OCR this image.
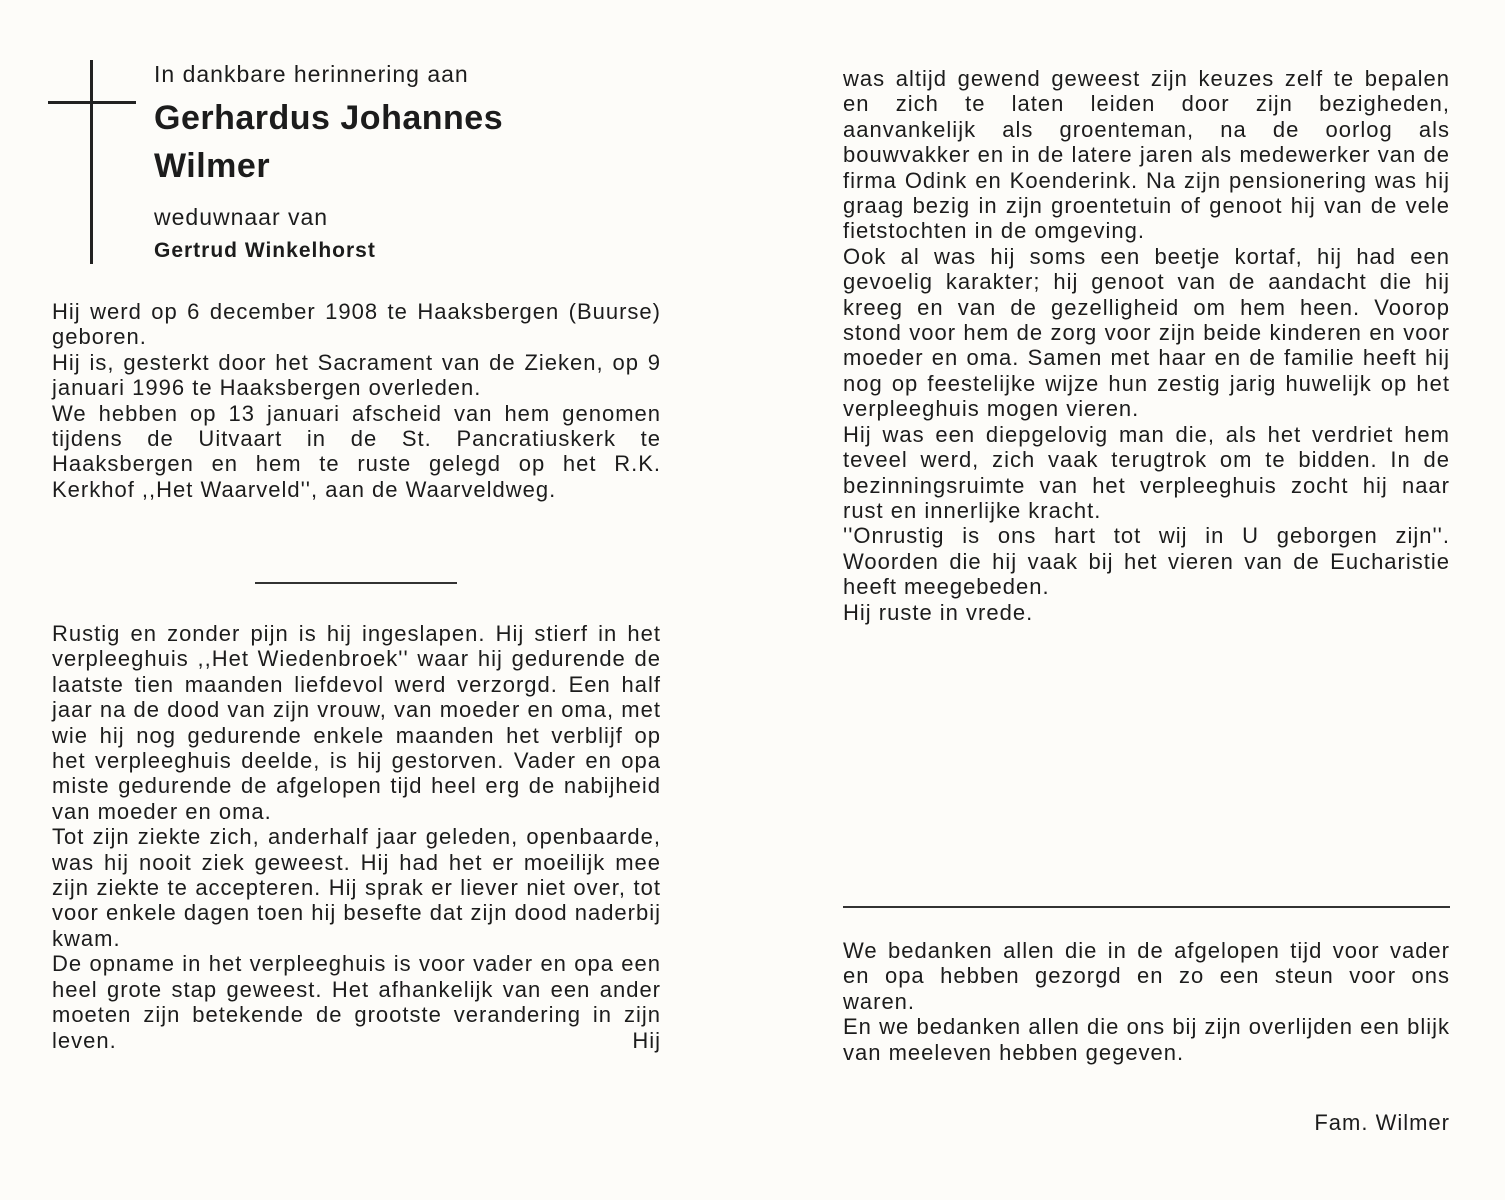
In dankbare herinnering aan
Gerhardus Johannes
Wilmer
weduwnaar van
Gertrud Winkelhorst

Hij werd op 6 december 1908 te Haaksbergen (Buurse) geboren.

Hij is, gesterkt door het Sacrament van de Zieken, op 9 januari 1996 te Haaksbergen overleden.

We hebben op 13 januari afscheid van hem genomen tijdens de Uitvaart in de St. Pancratiuskerk te Haaksbergen en hem te ruste gelegd op het R.K. Kerkhof ,,Het Waarveld'', aan de Waarveldweg.

Rustig en zonder pijn is hij ingeslapen. Hij stierf in het verpleeghuis ,,Het Wiedenbroek'' waar hij gedurende de laatste tien maanden liefdevol werd verzorgd. Een half jaar na de dood van zijn vrouw, van moeder en oma, met wie hij nog gedurende enkele maanden het verblijf op het verpleeghuis deelde, is hij gestorven. Vader en opa miste gedurende de afgelopen tijd heel erg de nabijheid van moeder en oma.

Tot zijn ziekte zich, anderhalf jaar geleden, openbaarde, was hij nooit ziek geweest. Hij had het er moeilijk mee zijn ziekte te accepteren. Hij sprak er liever niet over, tot voor enkele dagen toen hij besefte dat zijn dood naderbij kwam.

De opname in het verpleeghuis is voor vader en opa een heel grote stap geweest. Het afhankelijk van een ander moeten zijn betekende de grootste verandering in zijn leven. Hij

was altijd gewend geweest zijn keuzes zelf te bepalen en zich te laten leiden door zijn bezigheden, aanvankelijk als groenteman, na de oorlog als bouwvakker en in de latere jaren als medewerker van de firma Odink en Koenderink. Na zijn pensionering was hij graag bezig in zijn groentetuin of genoot hij van de vele fietstochten in de omgeving.

Ook al was hij soms een beetje kortaf, hij had een gevoelig karakter; hij genoot van de aandacht die hij kreeg en van de gezelligheid om hem heen. Voorop stond voor hem de zorg voor zijn beide kinderen en voor moeder en oma. Samen met haar en de familie heeft hij nog op feestelijke wijze hun zestig jarig huwelijk op het verpleeghuis mogen vieren.

Hij was een diepgelovig man die, als het verdriet hem teveel werd, zich vaak terugtrok om te bidden. In de bezinningsruimte van het verpleeghuis zocht hij naar rust en innerlijke kracht.

''Onrustig is ons hart tot wij in U geborgen zijn''. Woorden die hij vaak bij het vieren van de Eucharistie heeft meegebeden.

Hij ruste in vrede.

We bedanken allen die in de afgelopen tijd voor vader en opa hebben gezorgd en zo een steun voor ons waren.

En we bedanken allen die ons bij zijn overlijden een blijk van meeleven hebben gegeven.

Fam. Wilmer
